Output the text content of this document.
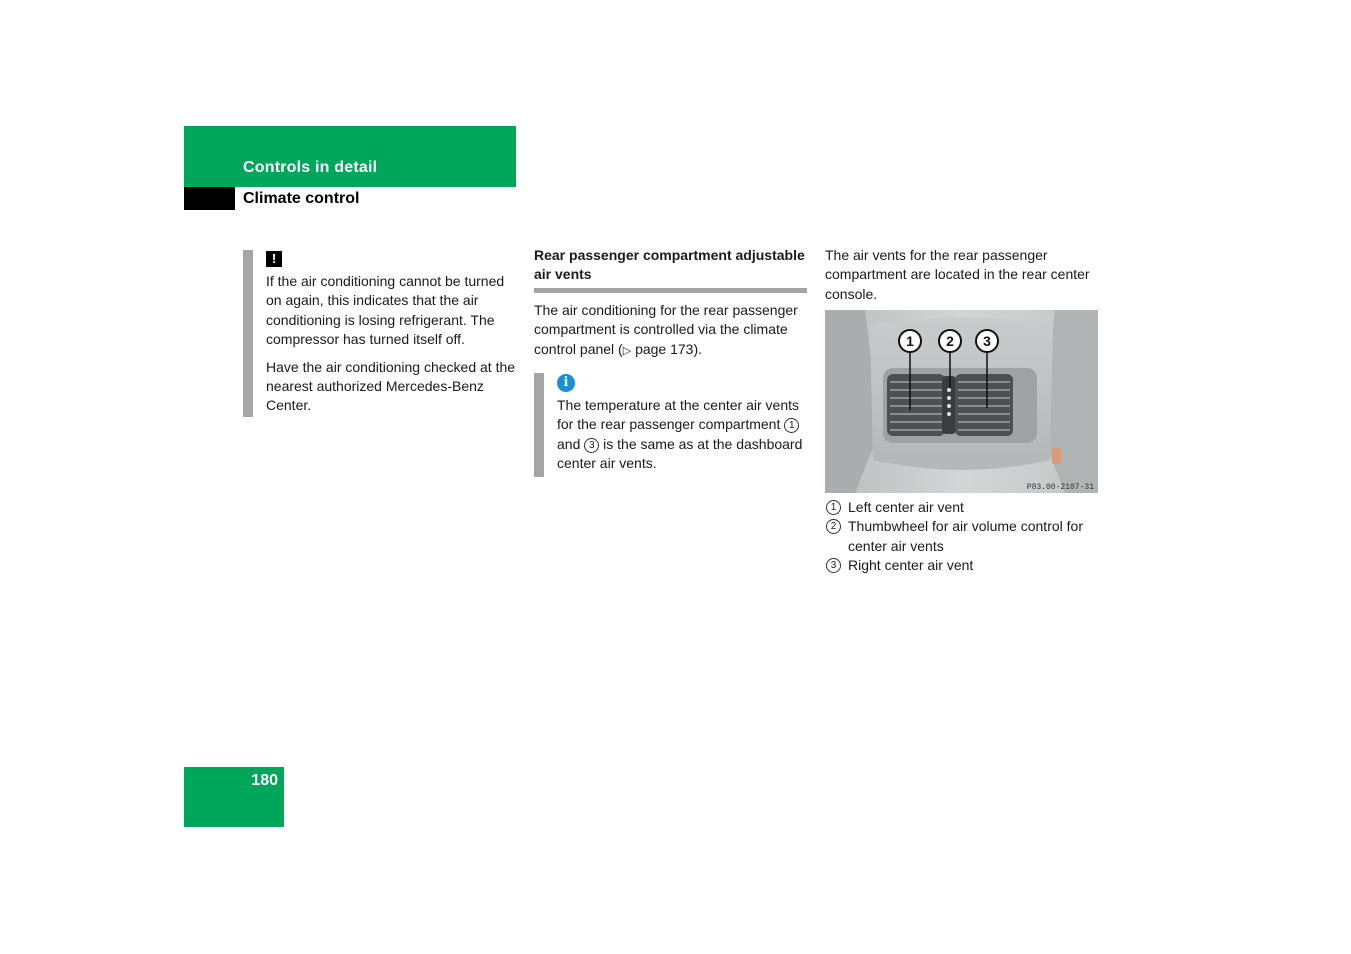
Controls in detail
Climate control
!

If the air conditioning cannot be turned on again, this indicates that the air conditioning is losing refrigerant. The compressor has turned itself off.

Have the air conditioning checked at the nearest authorized Mercedes-Benz Center.

Rear passenger compartment adjustable air vents

The air conditioning for the rear passenger compartment is controlled via the climate control panel (▷ page 173).

i

The temperature at the center air vents for the rear passenger compartment 1 and 3 is the same as at the dashboard center air vents.

The air vents for the rear passenger compartment are located in the rear center console.

1 2 3
P83.00-2107-31
1 Left center air vent
2 Thumbwheel for air volume control for center air vents
3 Right center air vent
180
